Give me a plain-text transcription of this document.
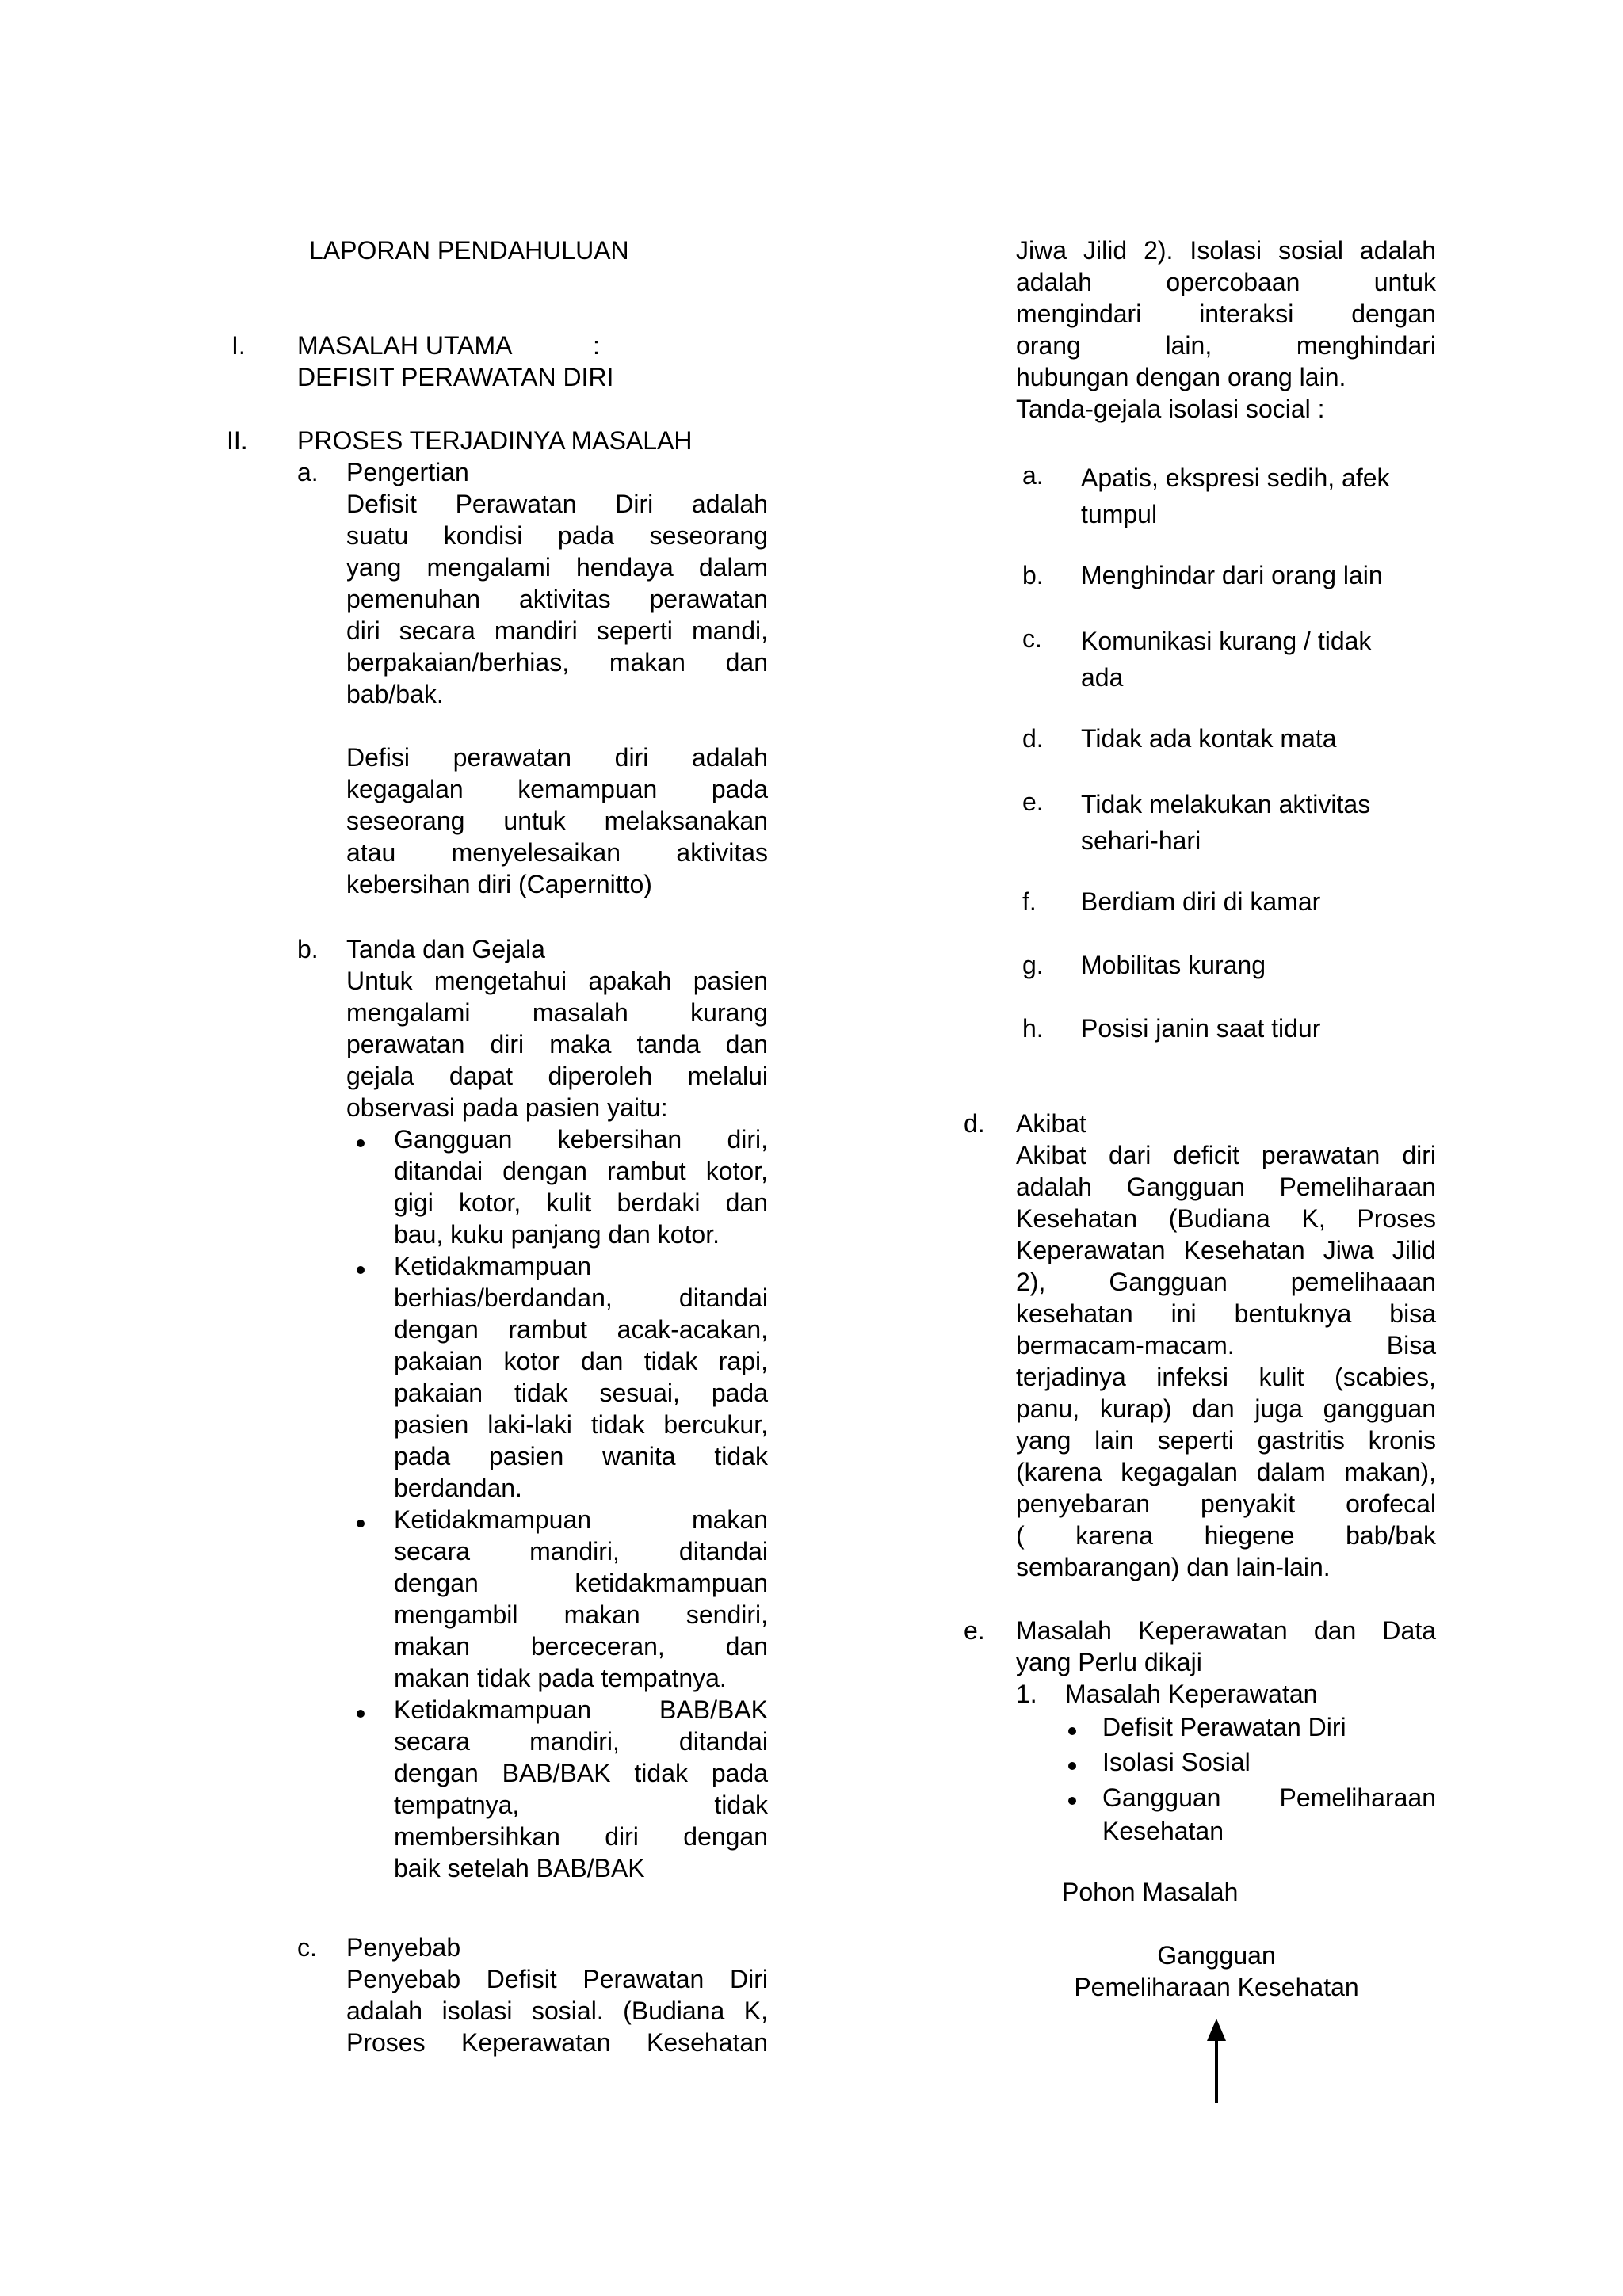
LAPORAN PENDAHULUAN
I. MASALAH UTAMA	:
DEFISIT PERAWATAN DIRI
II. PROSES TERJADINYA MASALAH
a. Pengertian
Defisit Perawatan Diri adalah
suatu kondisi pada seseorang
yang mengalami hendaya dalam
pemenuhan aktivitas perawatan
diri secara mandiri seperti mandi,
berpakaian/berhias, makan dan
bab/bak.
Defisi perawatan diri adalah
kegagalan kemampuan pada
seseorang untuk melaksanakan
atau menyelesaikan aktivitas
kebersihan diri (Capernitto)
b. Tanda dan Gejala
Untuk mengetahui apakah pasien
mengalami masalah kurang
perawatan diri maka tanda dan
gejala dapat diperoleh melalui
observasi pada pasien yaitu:
Gangguan kebersihan diri,
ditandai dengan rambut kotor,
gigi kotor, kulit berdaki dan
bau, kuku panjang dan kotor.
Ketidakmampuan
berhias/berdandan, ditandai
dengan rambut acak-acakan,
pakaian kotor dan tidak rapi,
pakaian tidak sesuai, pada
pasien laki-laki tidak bercukur,
pada pasien wanita tidak
berdandan.
Ketidakmampuan makan
secara mandiri, ditandai
dengan ketidakmampuan
mengambil makan sendiri,
makan berceceran, dan
makan tidak pada tempatnya.
Ketidakmampuan BAB/BAK
secara mandiri, ditandai
dengan BAB/BAK tidak pada
tempatnya, tidak
membersihkan diri dengan
baik setelah BAB/BAK
c. Penyebab
Penyebab Defisit Perawatan Diri
adalah isolasi sosial. (Budiana K,
Proses Keperawatan Kesehatan
Jiwa Jilid 2). Isolasi sosial adalah
adalah opercobaan untuk
mengindari interaksi dengan
orang lain, menghindari
hubungan dengan orang lain.
Tanda-gejala isolasi social :
a. Apatis, ekspresi sedih, afek
tumpul
b. Menghindar dari orang lain
c. Komunikasi kurang / tidak
ada
d. Tidak ada kontak mata
e. Tidak melakukan aktivitas
sehari-hari
f. Berdiam diri di kamar
g. Mobilitas kurang
h. Posisi janin saat tidur
d. Akibat
Akibat dari deficit perawatan diri
adalah Gangguan Pemeliharaan
Kesehatan (Budiana K, Proses
Keperawatan Kesehatan Jiwa Jilid
2), Gangguan pemelihaaan
kesehatan ini bentuknya bisa
bermacam-macam. Bisa
terjadinya infeksi kulit (scabies,
panu, kurap) dan juga gangguan
yang lain seperti gastritis kronis
(karena kegagalan dalam makan),
penyebaran penyakit orofecal
( karena hiegene bab/bak
sembarangan) dan lain-lain.
e. Masalah Keperawatan dan Data
yang Perlu dikaji
1. Masalah Keperawatan
Defisit Perawatan Diri
Isolasi Sosial
Gangguan Pemeliharaan
Kesehatan
Pohon Masalah
Gangguan
Pemeliharaan Kesehatan
